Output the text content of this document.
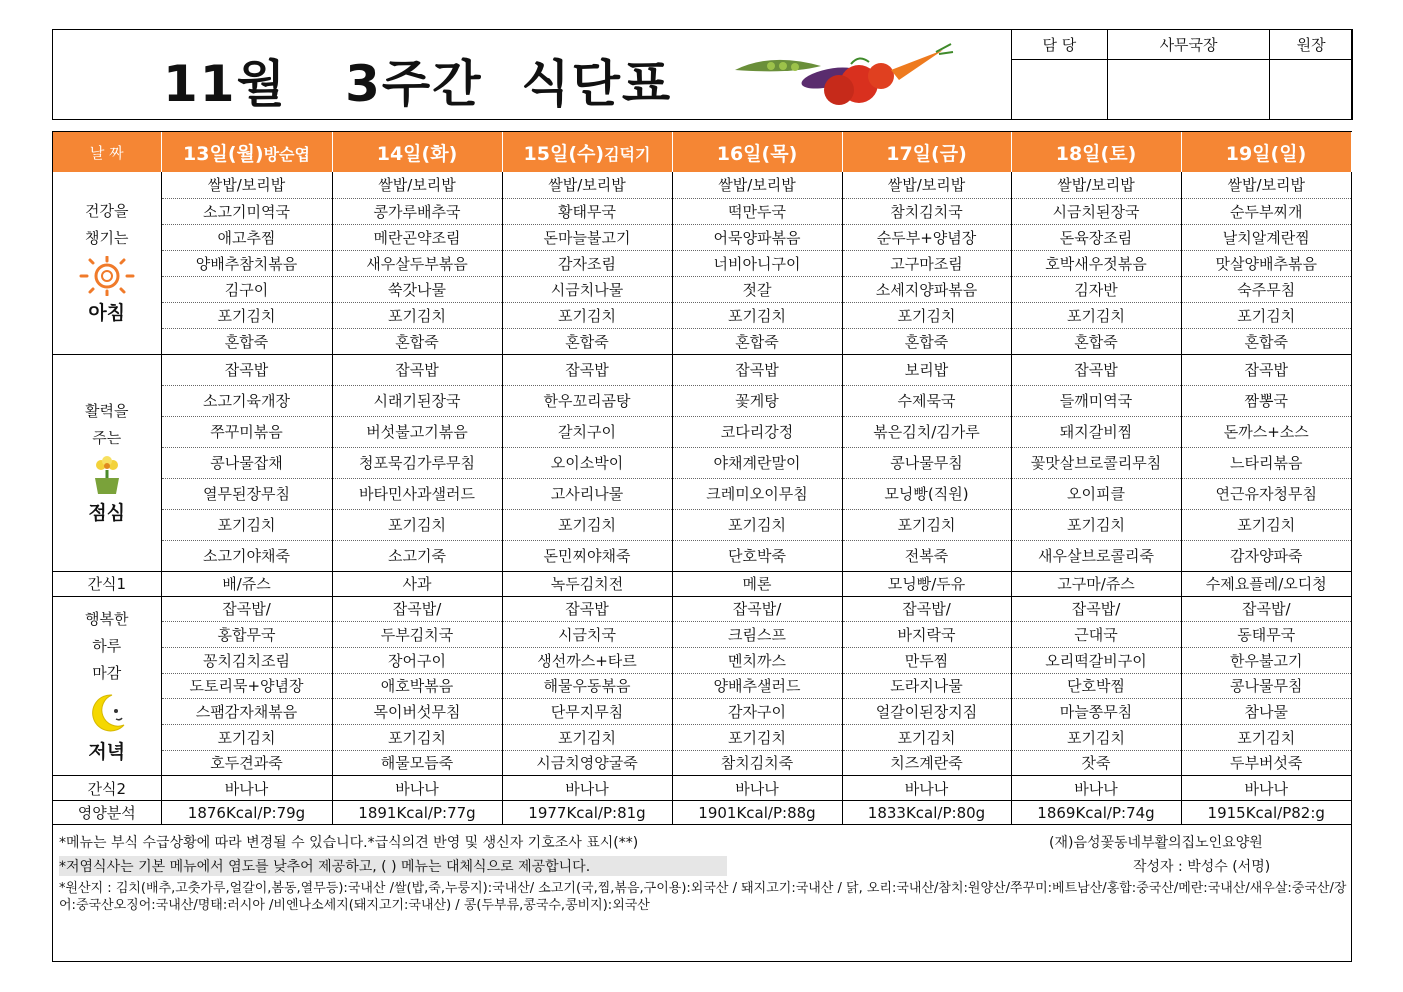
11월   3주간  식단표
담 당	사무국장	원장

날 짜	13일(월)방순엽	14일(화)	15일(수)김덕기	16일(목)	17일(금)	18일(토)	19일(일)

건강을
챙기는
아침	쌀밥/보리밥	쌀밥/보리밥	쌀밥/보리밥	쌀밥/보리밥	쌀밥/보리밥	쌀밥/보리밥	쌀밥/보리밥
	소고기미역국	콩가루배추국	황태무국	떡만두국	참치김치국	시금치된장국	순두부찌개
	애고추찜	메란곤약조림	돈마늘불고기	어묵양파볶음	순두부+양념장	돈육장조림	날치알계란찜
	양배추참치볶음	새우살두부볶음	감자조림	너비아니구이	고구마조림	호박새우젓볶음	맛살양배추볶음
	김구이	쑥갓나물	시금치나물	젓갈	소세지양파볶음	김자반	숙주무침
	포기김치	포기김치	포기김치	포기김치	포기김치	포기김치	포기김치
	혼합죽	혼합죽	혼합죽	혼합죽	혼합죽	혼합죽	혼합죽

활력을
주는
점심	잡곡밥	잡곡밥	잡곡밥	잡곡밥	보리밥	잡곡밥	잡곡밥
	소고기육개장	시래기된장국	한우꼬리곰탕	꽃게탕	수제묵국	들깨미역국	짬뽕국
	쭈꾸미볶음	버섯불고기볶음	갈치구이	코다리강정	볶은김치/김가루	돼지갈비찜	돈까스+소스
	콩나물잡채	청포묵김가루무침	오이소박이	야채계란말이	콩나물무침	꽃맛살브로콜리무침	느타리볶음
	열무된장무침	바타민사과샐러드	고사리나물	크레미오이무침	모닝빵(직원)	오이피클	연근유자청무침
	포기김치	포기김치	포기김치	포기김치	포기김치	포기김치	포기김치
	소고기야채죽	소고기죽	돈민찌야채죽	단호박죽	전복죽	새우살브로콜리죽	감자양파죽
간식1	배/쥬스	사과	녹두김치전	메론	모닝빵/두유	고구마/쥬스	수제요플레/오디청

행복한
하루
마감
저녁	잡곡밥/	잡곡밥/	잡곡밥	잡곡밥/	잡곡밥/	잡곡밥/	잡곡밥/
	홍합무국	두부김치국	시금치국	크림스프	바지락국	근대국	동태무국
	꽁치김치조림	장어구이	생선까스+타르	멘치까스	만두찜	오리떡갈비구이	한우불고기
	도토리묵+양념장	애호박볶음	해물우동볶음	양배추샐러드	도라지나물	단호박찜	콩나물무침
	스팸감자채볶음	목이버섯무침	단무지무침	감자구이	얼갈이된장지짐	마늘쫑무침	참나물
	포기김치	포기김치	포기김치	포기김치	포기김치	포기김치	포기김치
	호두견과죽	해물모듬죽	시금치영양굴죽	참치김치죽	치즈계란죽	잣죽	두부버섯죽
간식2	바나나	바나나	바나나	바나나	바나나	바나나	바나나
영양분석	1876Kcal/P:79g	1891Kcal/P:77g	1977Kcal/P:81g	1901Kcal/P:88g	1833Kcal/P:80g	1869Kcal/P:74g	1915Kcal/P82:g
*메뉴는 부식 수급상황에 따라 변경될 수 있습니다.*급식의견 반영 및 생신자 기호조사 표시(**)	(재)음성꽃동네부활의집노인요양원
*저염식사는 기본 메뉴에서 염도를 낮추어 제공하고, ( ) 메뉴는 대체식으로 제공합니다.	작성자 : 박성수 (서명)
*원산지 : 김치(배추,고춧가루,얼갈이,봄동,열무등):국내산 /쌀(밥,죽,누룽지):국내산/ 소고기(국,찜,볶음,구이용):외국산 / 돼지고기:국내산 / 닭, 오리:국내산/참치:원양산/쭈꾸미:베트남산/홍합:중국산/메란:국내산/새우살:중국산/장어:중국산오징어:국내산/명태:러시아 /비엔나소세지(돼지고기:국내산) / 콩(두부류,콩국수,콩비지):외국산
